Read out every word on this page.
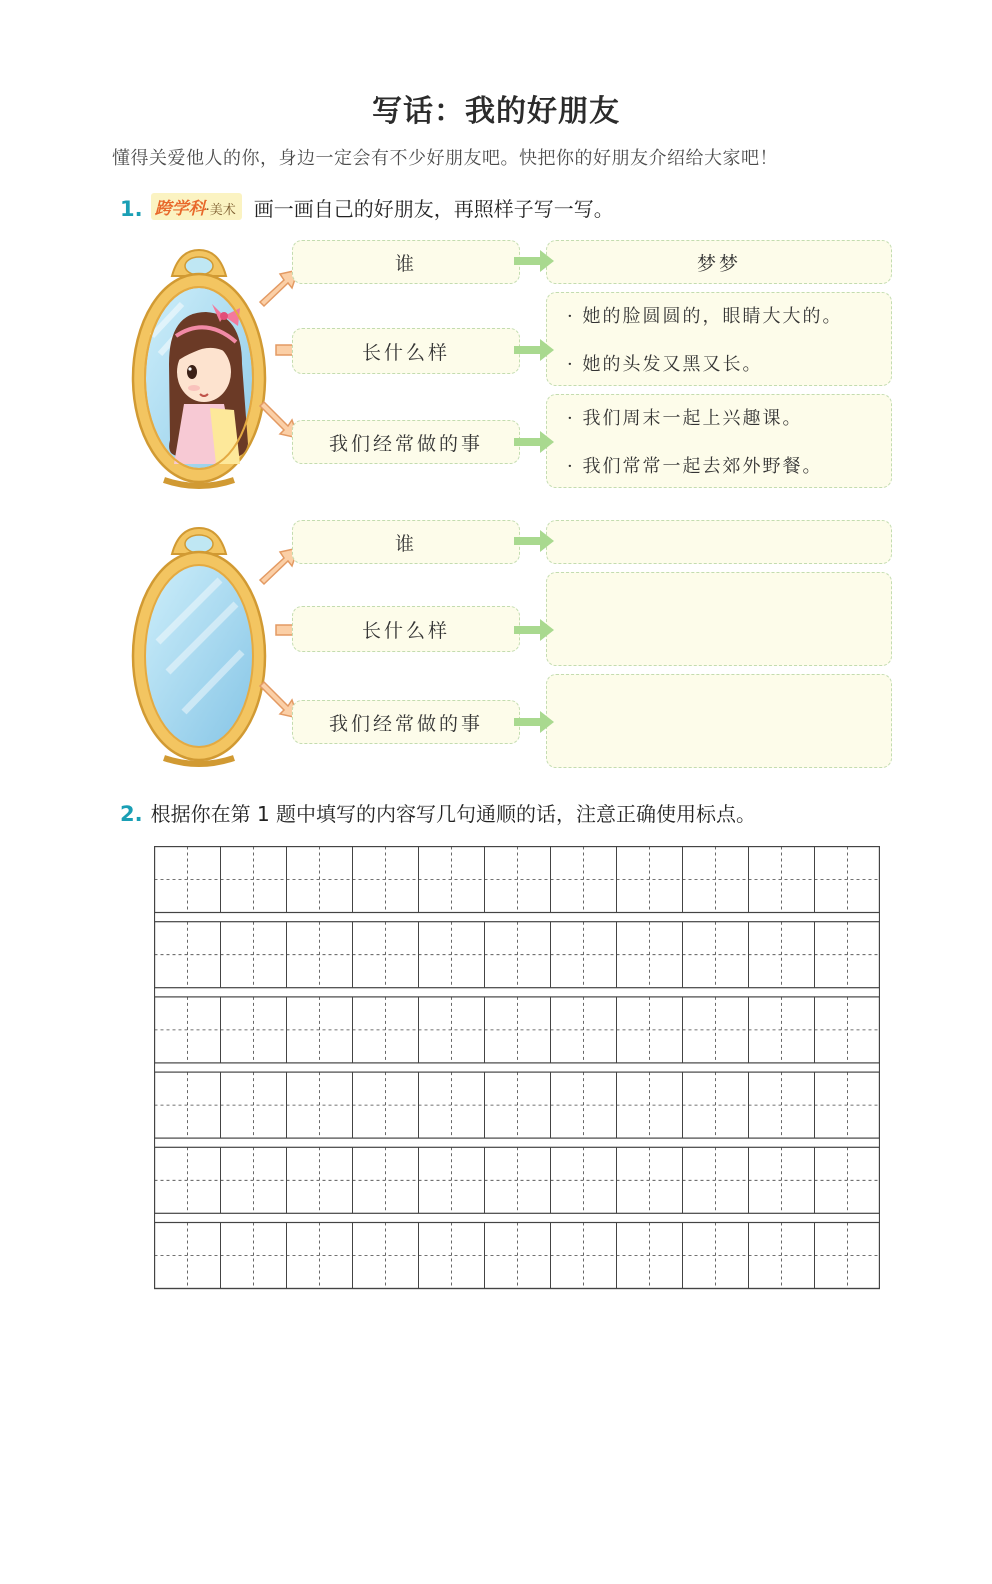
写话：我的好朋友
懂得关爱他人的你，身边一定会有不少好朋友吧。快把你的好朋友介绍给大家吧！
1. 跨学科·美术 画一画自己的好朋友，再照样子写一写。
谁	梦梦
长什么样
· 她的脸圆圆的，眼睛大大的。
· 她的头发又黑又长。
我们经常做的事
· 我们周末一起上兴趣课。
· 我们常常一起去郊外野餐。
谁
长什么样
我们经常做的事
2. 根据你在第 1 题中填写的内容写几句通顺的话，注意正确使用标点。
